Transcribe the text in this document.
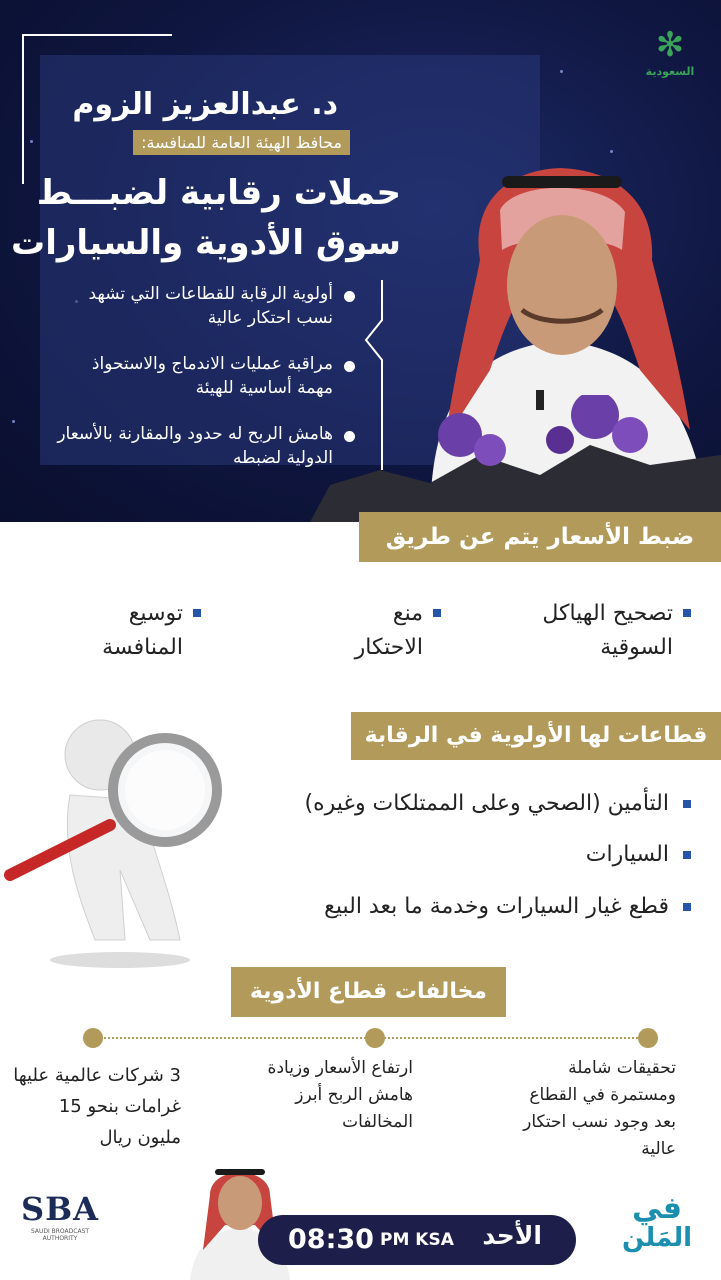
✻
السعودية
د. عبدالعزيز الزوم
محافظ الهيئة العامة للمنافسة:
حملات رقابية لضبـــط
سوق الأدوية والسيارات
أولوية الرقابة للقطاعات التي تشهد نسب احتكار عالية
مراقبة عمليات الاندماج والاستحواذ مهمة أساسية للهيئة
هامش الربح له حدود والمقارنة بالأسعار الدولية لضبطه
ضبط الأسعار يتم عن طريق
تصحيح الهياكل
السوقية
منع
الاحتكار
توسيع
المنافسة
قطاعات لها الأولوية في الرقابة
التأمين (الصحي وعلى الممتلكات وغيره)
السيارات
قطع غيار السيارات وخدمة ما بعد البيع
مخالفات قطاع الأدوية
تحقيقات شاملة ومستمرة في القطاع بعد وجود نسب احتكار عالية
ارتفاع الأسعار وزيادة هامش الربح أبرز المخالفات
3 شركات عالمية عليها غرامات بنحو 15 مليون ريال
SBA
SAUDI BROADCAST AUTHORITY	الأحد
PM KSA
08:30
في
المَلن
